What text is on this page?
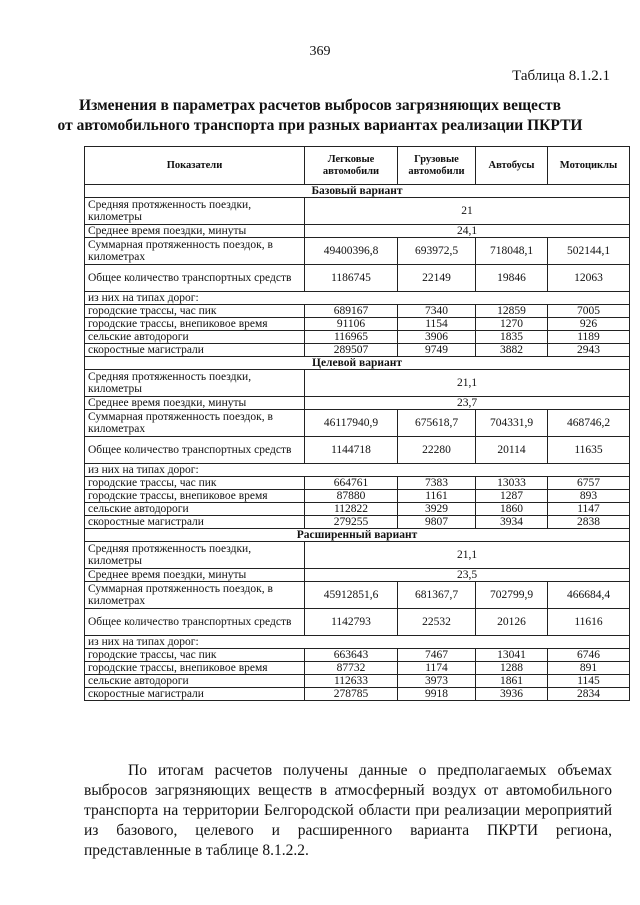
369
Таблица 8.1.2.1
Изменения в параметрах расчетов выбросов загрязняющих веществ
от автомобильного транспорта при разных вариантах реализации ПКРТИ
Показатели	Легковые автомобили	Грузовые автомобили	Автобусы	Мотоциклы
Базовый вариант				
Средняя протяженность поездки, километры	21			
Среднее время поездки, минуты	24,1			
Суммарная протяженность поездок, в километрах	49400396,8	693972,5	718048,1	502144,1
Общее количество транспортных средств	1186745	22149	19846	12063
из них на типах дорог:				
городские трассы, час пик	689167	7340	12859	7005
городские трассы, внепиковое время	91106	1154	1270	926
сельские автодороги	116965	3906	1835	1189
скоростные магистрали	289507	9749	3882	2943
Целевой вариант				
Средняя протяженность поездки, километры	21,1			
Среднее время поездки, минуты	23,7			
Суммарная протяженность поездок, в километрах	46117940,9	675618,7	704331,9	468746,2
Общее количество транспортных средств	1144718	22280	20114	11635
из них на типах дорог:				
городские трассы, час пик	664761	7383	13033	6757
городские трассы, внепиковое время	87880	1161	1287	893
сельские автодороги	112822	3929	1860	1147
скоростные магистрали	279255	9807	3934	2838
Расширенный вариант				
Средняя протяженность поездки, километры	21,1			
Среднее время поездки, минуты	23,5			
Суммарная протяженность поездок, в километрах	45912851,6	681367,7	702799,9	466684,4
Общее количество транспортных средств	1142793	22532	20126	11616
из них на типах дорог:				
городские трассы, час пик	663643	7467	13041	6746
городские трассы, внепиковое время	87732	1174	1288	891
сельские автодороги	112633	3973	1861	1145
скоростные магистрали	278785	9918	3936	2834

По итогам расчетов получены данные о предполагаемых объемах выбросов загрязняющих веществ в атмосферный воздух от автомобильного транспорта на территории Белгородской области при реализации мероприятий из базового, целевого и расширенного варианта ПКРТИ региона, представленные в таблице 8.1.2.2.
